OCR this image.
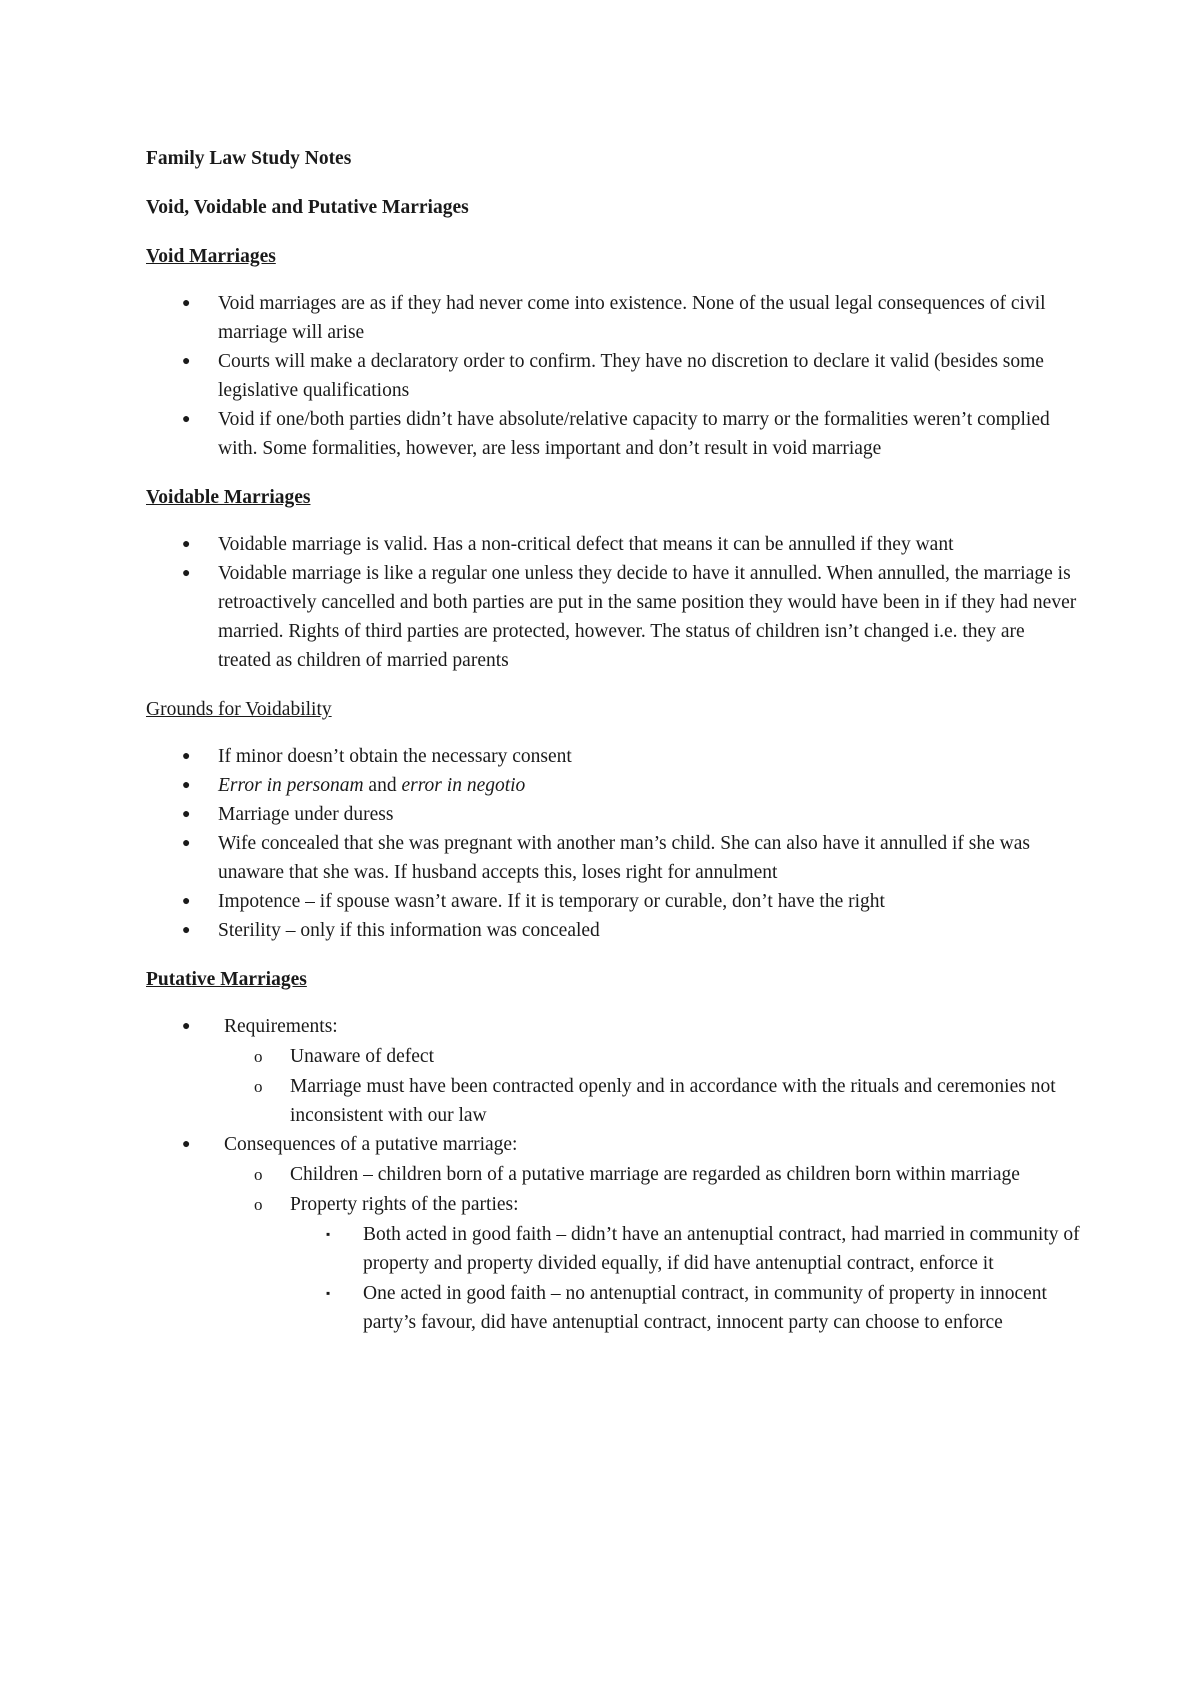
Family Law Study Notes
Void, Voidable and Putative Marriages
Void Marriages
● Void marriages are as if they had never come into existence. None of the usual legal consequences of civil marriage will arise
● Courts will make a declaratory order to confirm. They have no discretion to declare it valid (besides some legislative qualifications
● Void if one/both parties didn’t have absolute/relative capacity to marry or the formalities weren’t complied with. Some formalities, however, are less important and don’t result in void marriage
Voidable Marriages
● Voidable marriage is valid. Has a non-critical defect that means it can be annulled if they want
● Voidable marriage is like a regular one unless they decide to have it annulled. When annulled, the marriage is retroactively cancelled and both parties are put in the same position they would have been in if they had never married. Rights of third parties are protected, however. The status of children isn’t changed i.e. they are treated as children of married parents
Grounds for Voidability
● If minor doesn’t obtain the necessary consent
● Error in personam and error in negotio
● Marriage under duress
● Wife concealed that she was pregnant with another man’s child. She can also have it annulled if she was unaware that she was. If husband accepts this, loses right for annulment
● Impotence – if spouse wasn’t aware. If it is temporary or curable, don’t have the right
● Sterility – only if this information was concealed
Putative Marriages
● Requirements:
o Unaware of defect
o Marriage must have been contracted openly and in accordance with the rituals and ceremonies not inconsistent with our law
● Consequences of a putative marriage:
o Children – children born of a putative marriage are regarded as children born within marriage
o Property rights of the parties:
▪ Both acted in good faith – didn’t have an antenuptial contract, had married in community of property and property divided equally, if did have antenuptial contract, enforce it
▪ One acted in good faith – no antenuptial contract, in community of property in innocent party’s favour, did have antenuptial contract, innocent party can choose to enforce
